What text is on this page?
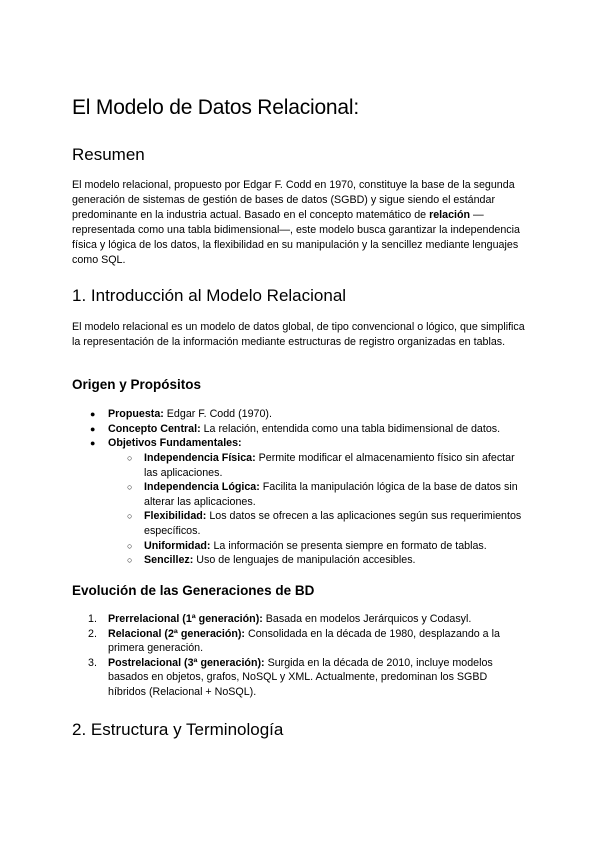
El Modelo de Datos Relacional:
Resumen

El modelo relacional, propuesto por Edgar F. Codd en 1970, constituye la base de la segunda generación de sistemas de gestión de bases de datos (SGBD) y sigue siendo el estándar predominante en la industria actual. Basado en el concepto matemático de relación —representada como una tabla bidimensional—, este modelo busca garantizar la independencia física y lógica de los datos, la flexibilidad en su manipulación y la sencillez mediante lenguajes como SQL.

1. Introducción al Modelo Relacional

El modelo relacional es un modelo de datos global, de tipo convencional o lógico, que simplifica la representación de la información mediante estructuras de registro organizadas en tablas.

Origen y Propósitos
● Propuesta: Edgar F. Codd (1970).
● Concepto Central: La relación, entendida como una tabla bidimensional de datos.
● Objetivos Fundamentales:
○ Independencia Física: Permite modificar el almacenamiento físico sin afectar las aplicaciones.
○ Independencia Lógica: Facilita la manipulación lógica de la base de datos sin alterar las aplicaciones.
○ Flexibilidad: Los datos se ofrecen a las aplicaciones según sus requerimientos específicos.
○ Uniformidad: La información se presenta siempre en formato de tablas.
○ Sencillez: Uso de lenguajes de manipulación accesibles.
Evolución de las Generaciones de BD
1. Prerrelacional (1ª generación): Basada en modelos Jerárquicos y Codasyl.
2. Relacional (2ª generación): Consolidada en la década de 1980, desplazando a la primera generación.
3. Postrelacional (3ª generación): Surgida en la década de 2010, incluye modelos basados en objetos, grafos, NoSQL y XML. Actualmente, predominan los SGBD híbridos (Relacional + NoSQL).
2. Estructura y Terminología
